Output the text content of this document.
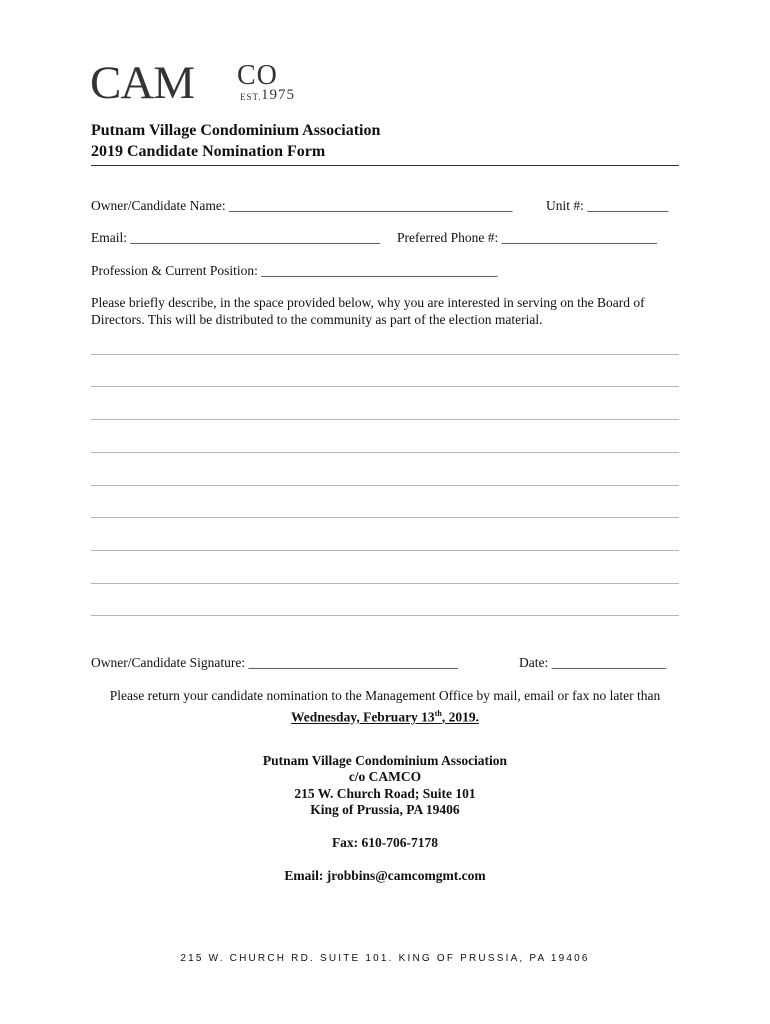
CAM CO
EST. 1975
Putnam Village Condominium Association
2019 Candidate Nomination Form
Owner/Candidate Name: __________________________________________ Unit #: ____________
Email: _____________________________________ Preferred Phone #: _______________________
Profession & Current Position: ___________________________________
Please briefly describe, in the space provided below, why you are interested in serving on the Board of Directors. This will be distributed to the community as part of the election material.
Owner/Candidate Signature: _______________________________	Date: _________________
Please return your candidate nomination to the Management Office by mail, email or fax no later than
Wednesday, February 13th, 2019.
Putnam Village Condominium Association
c/o CAMCO
215 W. Church Road; Suite 101
King of Prussia, PA 19406
Fax: 610-706-7178
Email: jrobbins@camcomgmt.com
215 W. CHURCH RD. SUITE 101. KING OF PRUSSIA, PA 19406
